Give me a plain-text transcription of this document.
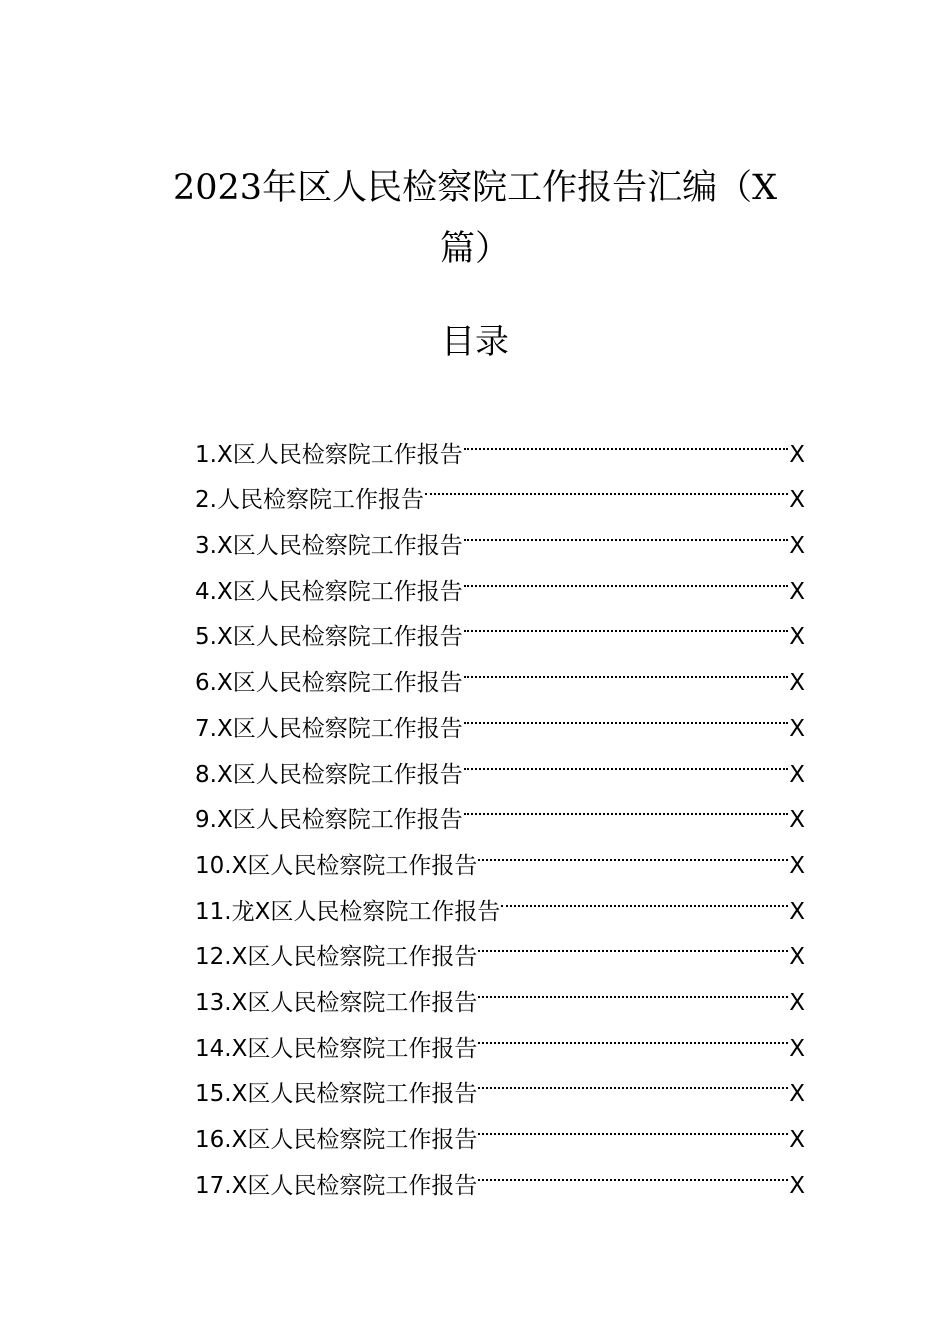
2023年区人民检察院工作报告汇编（X篇）
目录
1.X区人民检察院工作报告	X
2.人民检察院工作报告	X
3.X区人民检察院工作报告	X
4.X区人民检察院工作报告	X
5.X区人民检察院工作报告	X
6.X区人民检察院工作报告	X
7.X区人民检察院工作报告	X
8.X区人民检察院工作报告	X
9.X区人民检察院工作报告	X
10.X区人民检察院工作报告	X
11.龙X区人民检察院工作报告	X
12.X区人民检察院工作报告	X
13.X区人民检察院工作报告	X
14.X区人民检察院工作报告	X
15.X区人民检察院工作报告	X
16.X区人民检察院工作报告	X
17.X区人民检察院工作报告	X
